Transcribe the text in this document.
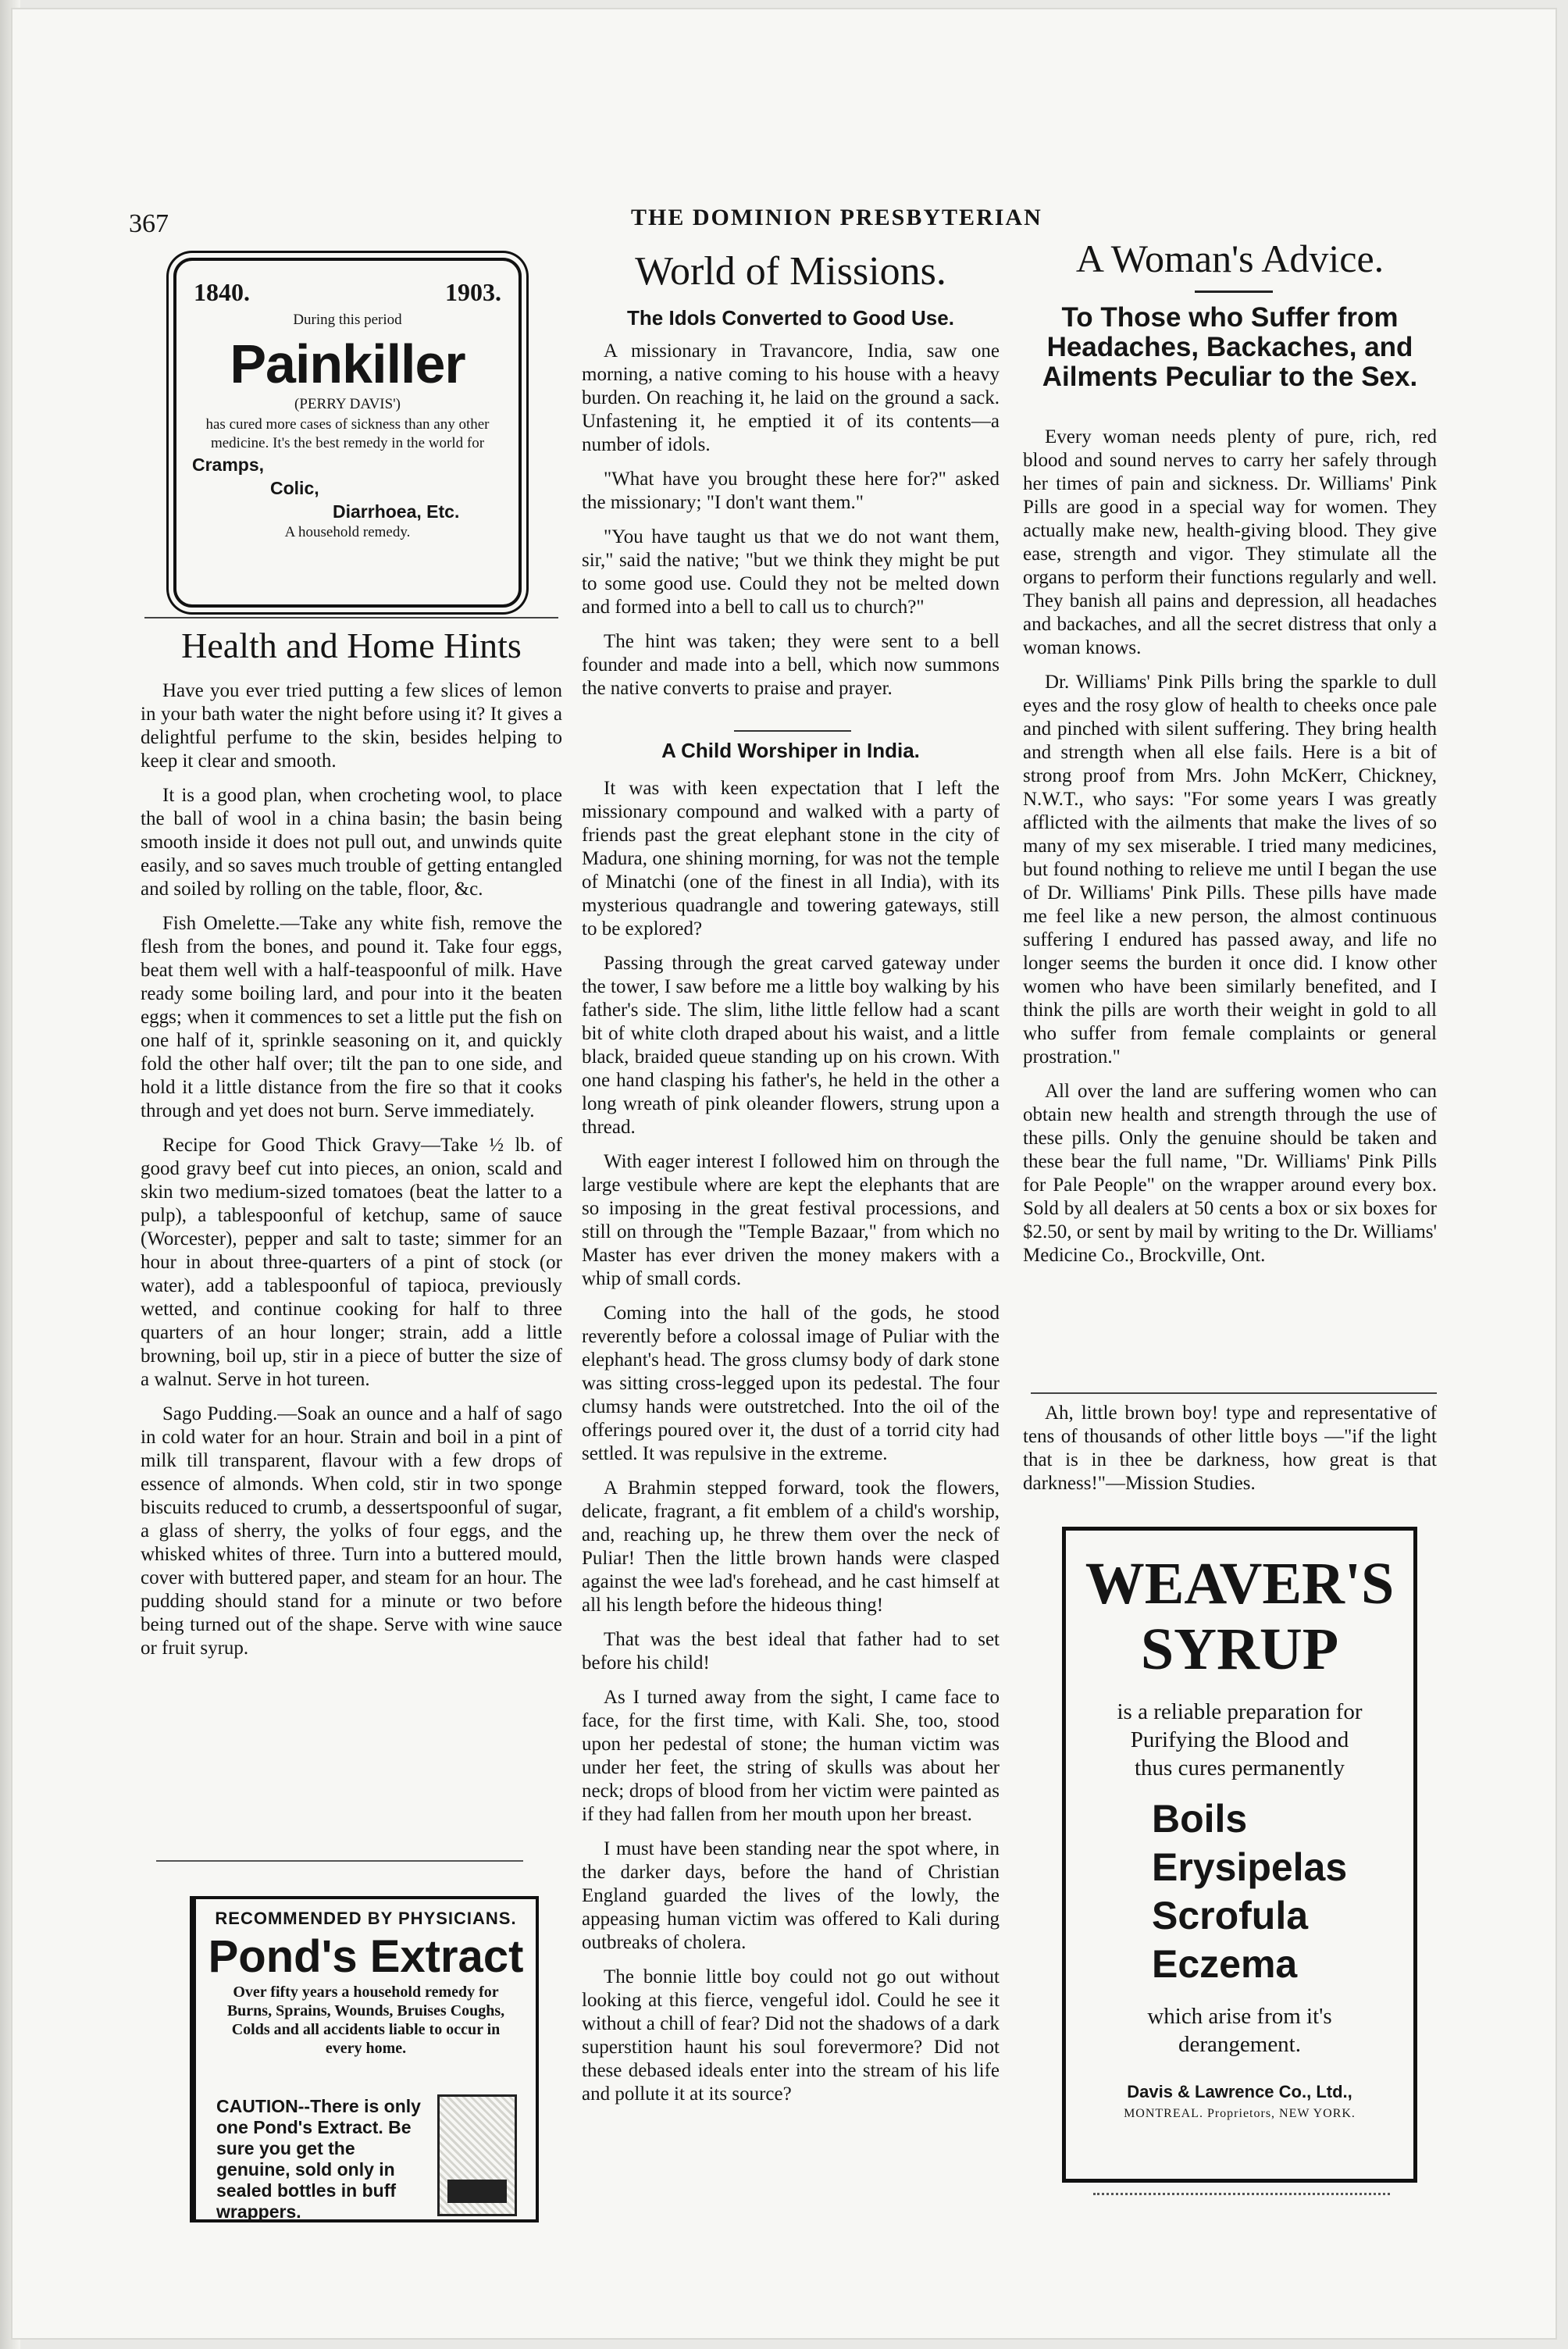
367	THE DOMINION PRESBYTERIAN
1840.	1903.
During this period
Painkiller
(PERRY DAVIS')
has cured more cases of sickness than any other medicine. It's the best remedy in the world for
Cramps,
Colic,
Diarrhoea, Etc.
A household remedy.
Health and Home Hints

Have you ever tried putting a few slices of lemon in your bath water the night before using it? It gives a delightful perfume to the skin, besides helping to keep it clear and smooth.

It is a good plan, when crocheting wool, to place the ball of wool in a china basin; the basin being smooth inside it does not pull out, and unwinds quite easily, and so saves much trouble of getting entangled and soiled by rolling on the table, floor, &c.

Fish Omelette.—Take any white fish, remove the flesh from the bones, and pound it. Take four eggs, beat them well with a half-teaspoonful of milk. Have ready some boiling lard, and pour into it the beaten eggs; when it commences to set a little put the fish on one half of it, sprinkle seasoning on it, and quickly fold the other half over; tilt the pan to one side, and hold it a little distance from the fire so that it cooks through and yet does not burn. Serve immediately.

Recipe for Good Thick Gravy—Take ½ lb. of good gravy beef cut into pieces, an onion, scald and skin two medium-sized tomatoes (beat the latter to a pulp), a tablespoonful of ketchup, same of sauce (Worcester), pepper and salt to taste; simmer for an hour in about three-quarters of a pint of stock (or water), add a tablespoonful of tapioca, previously wetted, and continue cooking for half to three quarters of an hour longer; strain, add a little browning, boil up, stir in a piece of butter the size of a walnut. Serve in hot tureen.

Sago Pudding.—Soak an ounce and a half of sago in cold water for an hour. Strain and boil in a pint of milk till transparent, flavour with a few drops of essence of almonds. When cold, stir in two sponge biscuits reduced to crumb, a dessertspoonful of sugar, a glass of sherry, the yolks of four eggs, and the whisked whites of three. Turn into a buttered mould, cover with buttered paper, and steam for an hour. The pudding should stand for a minute or two before being turned out of the shape. Serve with wine sauce or fruit syrup.

RECOMMENDED BY PHYSICIANS.
Pond's Extract
Over fifty years a household remedy for Burns, Sprains, Wounds, Bruises Coughs, Colds and all accidents liable to occur in every home.
CAUTION--There is only one Pond's Extract. Be sure you get the genuine, sold only in sealed bottles in buff wrappers.
World of Missions.
The Idols Converted to Good Use.

A missionary in Travancore, India, saw one morning, a native coming to his house with a heavy burden. On reaching it, he laid on the ground a sack. Unfastening it, he emptied it of its contents—a number of idols.

"What have you brought these here for?" asked the missionary; "I don't want them."

"You have taught us that we do not want them, sir," said the native; "but we think they might be put to some good use. Could they not be melted down and formed into a bell to call us to church?"

The hint was taken; they were sent to a bell founder and made into a bell, which now summons the native converts to praise and prayer.

A Child Worshiper in India.

It was with keen expectation that I left the missionary compound and walked with a party of friends past the great elephant stone in the city of Madura, one shining morning, for was not the temple of Minatchi (one of the finest in all India), with its mysterious quadrangle and towering gateways, still to be explored?

Passing through the great carved gateway under the tower, I saw before me a little boy walking by his father's side. The slim, lithe little fellow had a scant bit of white cloth draped about his waist, and a little black, braided queue standing up on his crown. With one hand clasping his father's, he held in the other a long wreath of pink oleander flowers, strung upon a thread.

With eager interest I followed him on through the large vestibule where are kept the elephants that are so imposing in the great festival processions, and still on through the "Temple Bazaar," from which no Master has ever driven the money makers with a whip of small cords.

Coming into the hall of the gods, he stood reverently before a colossal image of Puliar with the elephant's head. The gross clumsy body of dark stone was sitting cross-legged upon its pedestal. The four clumsy hands were outstretched. Into the oil of the offerings poured over it, the dust of a torrid city had settled. It was repulsive in the extreme.

A Brahmin stepped forward, took the flowers, delicate, fragrant, a fit emblem of a child's worship, and, reaching up, he threw them over the neck of Puliar! Then the little brown hands were clasped against the wee lad's forehead, and he cast himself at all his length before the hideous thing!

That was the best ideal that father had to set before his child!

As I turned away from the sight, I came face to face, for the first time, with Kali. She, too, stood upon her pedestal of stone; the human victim was under her feet, the string of skulls was about her neck; drops of blood from her victim were painted as if they had fallen from her mouth upon her breast.

I must have been standing near the spot where, in the darker days, before the hand of Christian England guarded the lives of the lowly, the appeasing human victim was offered to Kali during outbreaks of cholera.

The bonnie little boy could not go out without looking at this fierce, vengeful idol. Could he see it without a chill of fear? Did not the shadows of a dark superstition haunt his soul forevermore? Did not these debased ideals enter into the stream of his life and pollute it at its source?

A Woman's Advice.
To Those who Suffer from Headaches, Backaches, and Ailments Peculiar to the Sex.

Every woman needs plenty of pure, rich, red blood and sound nerves to carry her safely through her times of pain and sickness. Dr. Williams' Pink Pills are good in a special way for women. They actually make new, health-giving blood. They give ease, strength and vigor. They stimulate all the organs to perform their functions regularly and well. They banish all pains and depression, all headaches and backaches, and all the secret distress that only a woman knows.

Dr. Williams' Pink Pills bring the sparkle to dull eyes and the rosy glow of health to cheeks once pale and pinched with silent suffering. They bring health and strength when all else fails. Here is a bit of strong proof from Mrs. John McKerr, Chickney, N.W.T., who says: "For some years I was greatly afflicted with the ailments that make the lives of so many of my sex miserable. I tried many medicines, but found nothing to relieve me until I began the use of Dr. Williams' Pink Pills. These pills have made me feel like a new person, the almost continuous suffering I endured has passed away, and life no longer seems the burden it once did. I know other women who have been similarly benefited, and I think the pills are worth their weight in gold to all who suffer from female complaints or general prostration."

All over the land are suffering women who can obtain new health and strength through the use of these pills. Only the genuine should be taken and these bear the full name, "Dr. Williams' Pink Pills for Pale People" on the wrapper around every box. Sold by all dealers at 50 cents a box or six boxes for $2.50, or sent by mail by writing to the Dr. Williams' Medicine Co., Brockville, Ont.

Ah, little brown boy! type and representative of tens of thousands of other little boys —"if the light that is in thee be darkness, how great is that darkness!"—Mission Studies.

WEAVER'S
SYRUP
is a reliable preparation for Purifying the Blood and thus cures permanently
Boils
Erysipelas
Scrofula
Eczema
which arise from it's derangement.
Davis & Lawrence Co., Ltd.,
MONTREAL. Proprietors, NEW YORK.
